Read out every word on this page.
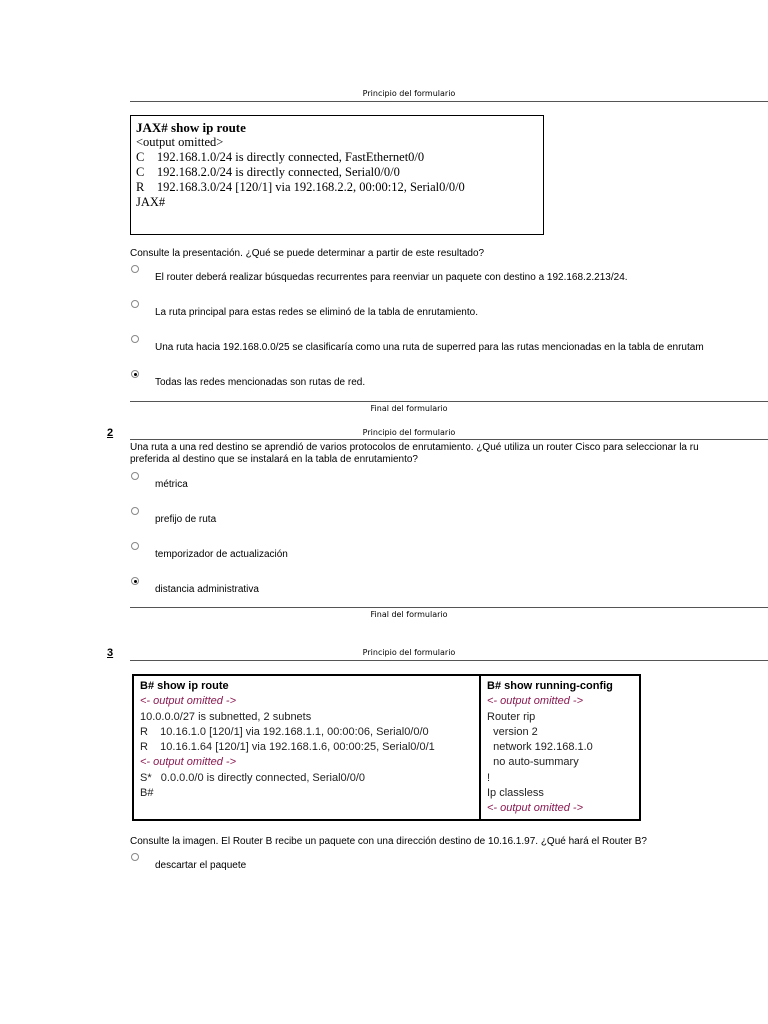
Principio del formulario
JAX# show ip route
<output omitted>
C    192.168.1.0/24 is directly connected, FastEthernet0/0
C    192.168.2.0/24 is directly connected, Serial0/0/0
R    192.168.3.0/24 [120/1] via 192.168.2.2, 00:00:12, Serial0/0/0
JAX#
Consulte la presentación. ¿Qué se puede determinar a partir de este resultado?
El router deberá realizar búsquedas recurrentes para reenviar un paquete con destino a 192.168.2.213/24.
La ruta principal para estas redes se eliminó de la tabla de enrutamiento.
Una ruta hacia 192.168.0.0/25 se clasificaría como una ruta de superred para las rutas mencionadas en la tabla de enrutam
Todas las redes mencionadas son rutas de red.
Final del formulario
Principio del formulario
2
Una ruta a una red destino se aprendió de varios protocolos de enrutamiento. ¿Qué utiliza un router Cisco para seleccionar la ru
preferida al destino que se instalará en la tabla de enrutamiento?
métrica
prefijo de ruta
temporizador de actualización
distancia administrativa
Final del formulario
3	Principio del formulario
B# show ip route
<- output omitted ->
10.0.0.0/27 is subnetted, 2 subnets
R    10.16.1.0 [120/1] via 192.168.1.1, 00:00:06, Serial0/0/0
R    10.16.1.64 [120/1] via 192.168.1.6, 00:00:25, Serial0/0/1
<- output omitted ->
S*   0.0.0.0/0 is directly connected, Serial0/0/0
B#
B# show running-config
<- output omitted ->
Router rip
version 2
network 192.168.1.0
no auto-summary
!
Ip classless
<- output omitted ->
Consulte la imagen. El Router B recibe un paquete con una dirección destino de 10.16.1.97. ¿Qué hará el Router B?
descartar el paquete
